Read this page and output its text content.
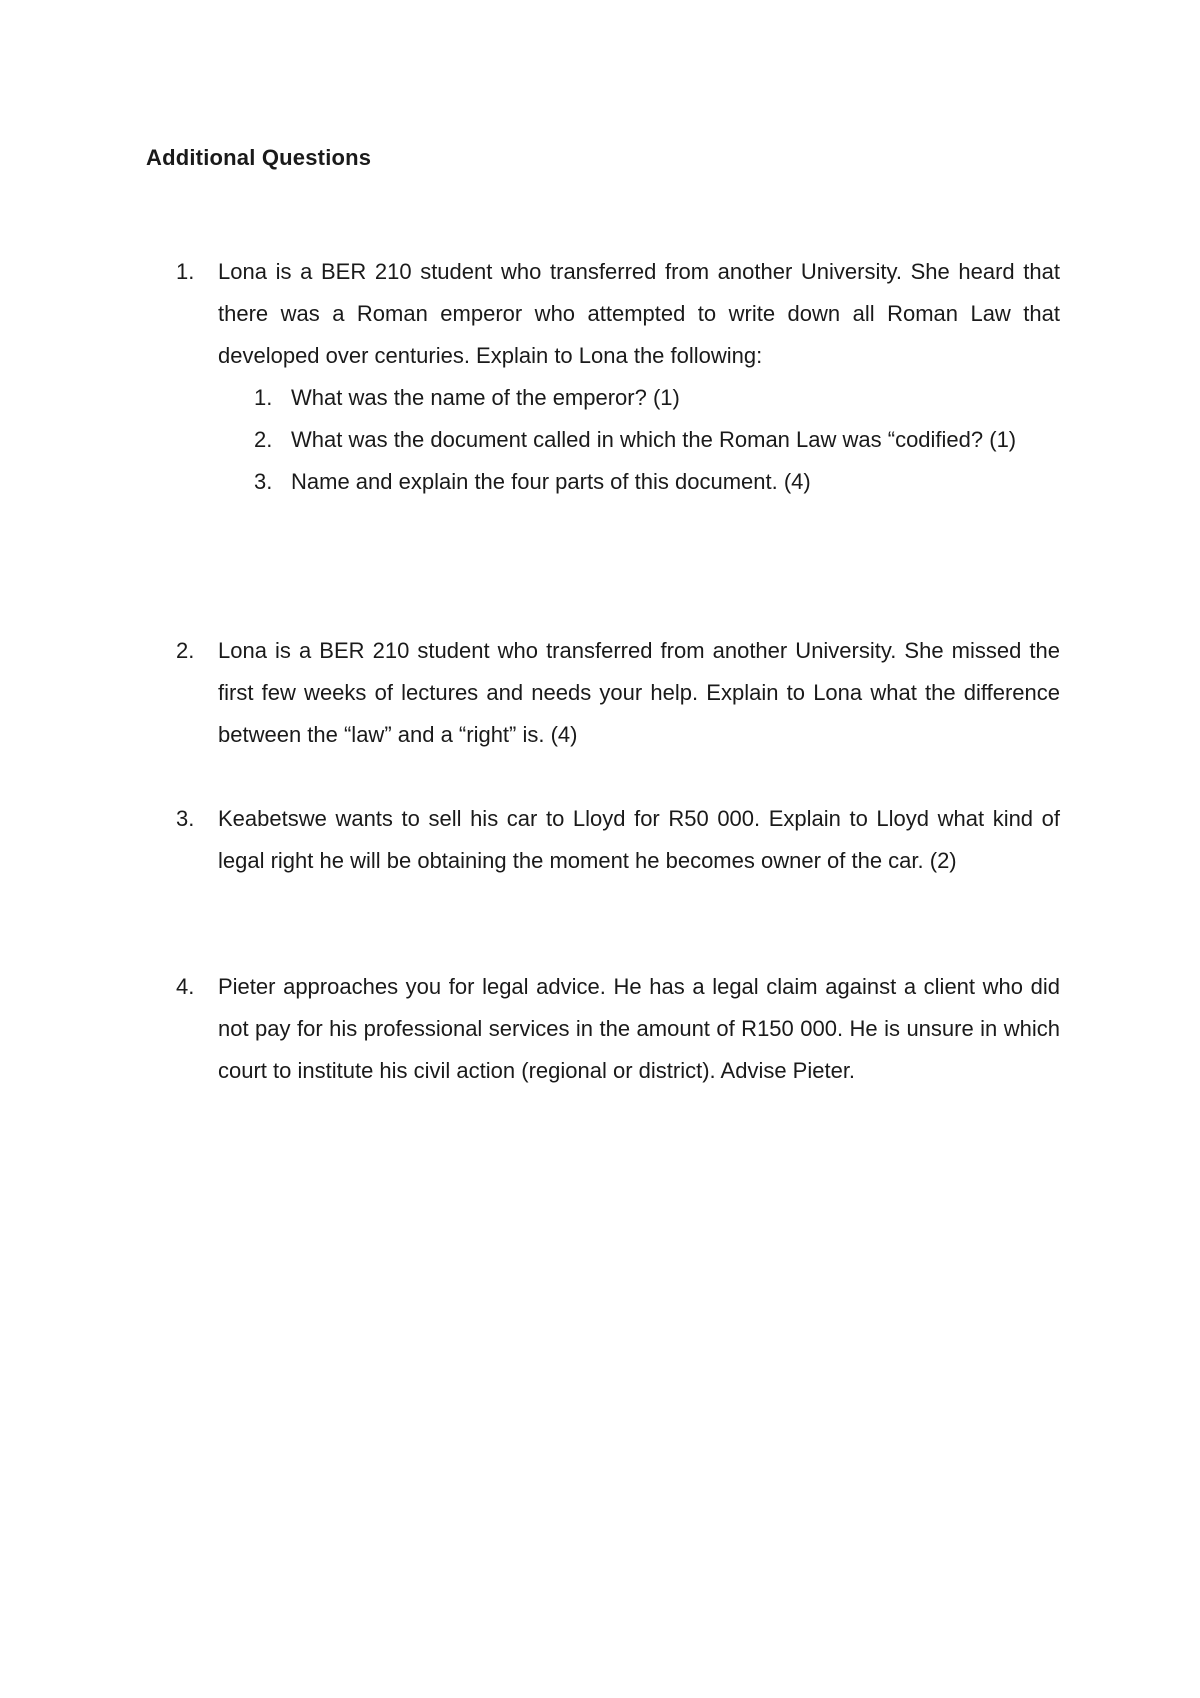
Additional Questions
1.	Lona is a BER 210 student who transferred from another University. She heard that there was a Roman emperor who attempted to write down all Roman Law that developed over centuries. Explain to Lona the following:
1. What was the name of the emperor? (1)
2. What was the document called in which the Roman Law was “codified? (1)
3. Name and explain the four parts of this document. (4)
2.	Lona is a BER 210 student who transferred from another University. She missed the first few weeks of lectures and needs your help. Explain to Lona what the difference between the “law” and a “right” is. (4)
3.	Keabetswe wants to sell his car to Lloyd for R50 000. Explain to Lloyd what kind of legal right he will be obtaining the moment he becomes owner of the car. (2)
4.	Pieter approaches you for legal advice. He has a legal claim against a client who did not pay for his professional services in the amount of R150 000. He is unsure in which court to institute his civil action (regional or district). Advise Pieter.
